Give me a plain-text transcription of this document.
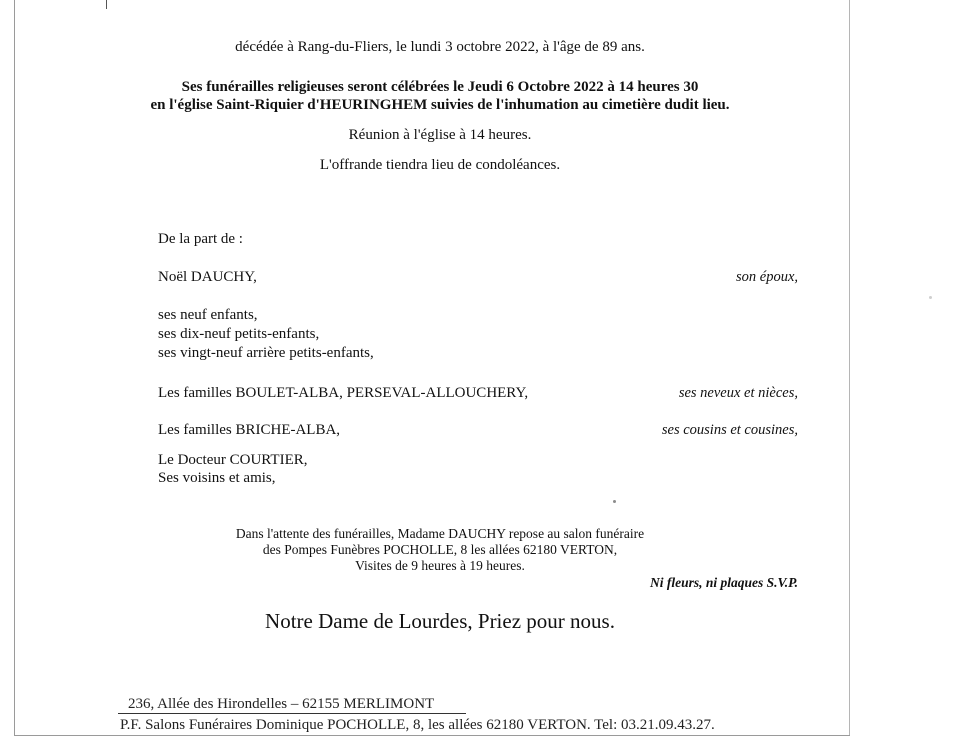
décédée à Rang-du-Fliers, le lundi 3 octobre 2022, à l'âge de 89 ans.
Ses funérailles religieuses seront célébrées le Jeudi 6 Octobre 2022 à 14 heures 30
en l'église Saint-Riquier d'HEURINGHEM suivies de l'inhumation au cimetière dudit lieu.
Réunion à l'église à 14 heures.
L'offrande tiendra lieu de condoléances.
De la part de :
Noël DAUCHY,	son époux,
ses neuf enfants,
ses dix-neuf petits-enfants,
ses vingt-neuf arrière petits-enfants,
Les familles BOULET-ALBA, PERSEVAL-ALLOUCHERY,	ses neveux et nièces,
Les familles BRICHE-ALBA,	ses cousins et cousines,
Le Docteur COURTIER,
Ses voisins et amis,
Dans l'attente des funérailles, Madame DAUCHY repose au salon funéraire
des Pompes Funèbres POCHOLLE, 8 les allées 62180 VERTON,
Visites de 9 heures à 19 heures.
Ni fleurs, ni plaques S.V.P.
Notre Dame de Lourdes, Priez pour nous.
236, Allée des Hirondelles – 62155 MERLIMONT
P.F. Salons Funéraires Dominique POCHOLLE, 8, les allées 62180 VERTON. Tel: 03.21.09.43.27.
